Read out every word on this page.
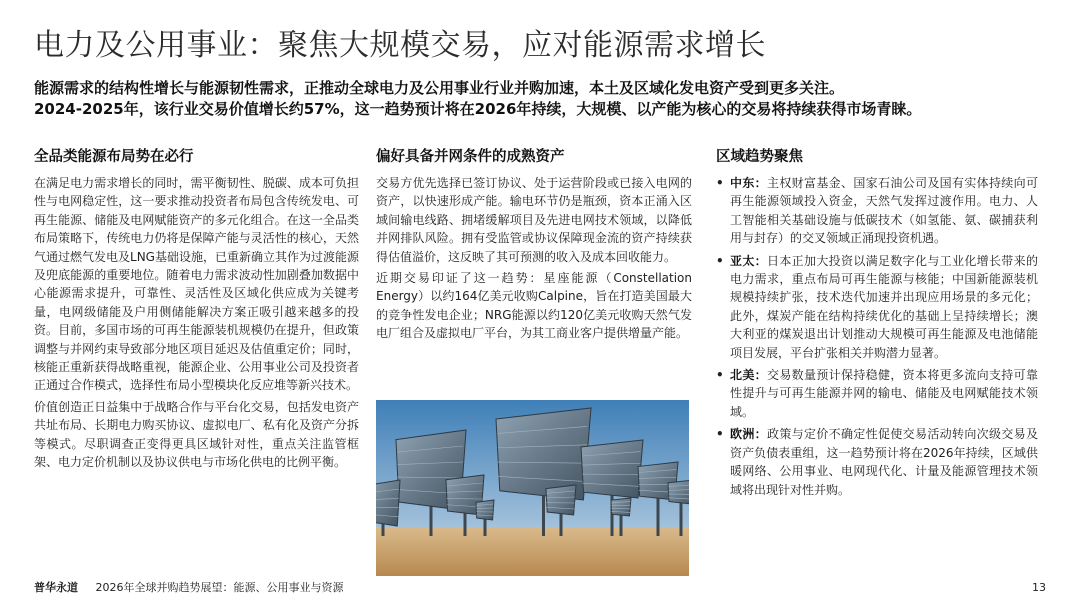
电力及公用事业：聚焦大规模交易，应对能源需求增长
能源需求的结构性增长与能源韧性需求，正推动全球电力及公用事业行业并购加速，本土及区域化发电资产受到更多关注。
2024-2025年，该行业交易价值增长约57%，这一趋势预计将在2026年持续，大规模、以产能为核心的交易将持续获得市场青睐。
全品类能源布局势在必行

在满足电力需求增长的同时，需平衡韧性、脱碳、成本可负担性与电网稳定性，这一要求推动投资者布局包含传统发电、可再生能源、储能及电网赋能资产的多元化组合。在这一全品类布局策略下，传统电力仍将是保障产能与灵活性的核心，天然气通过燃气发电及LNG基础设施，已重新确立其作为过渡能源及兜底能源的重要地位。随着电力需求波动性加剧叠加数据中心能源需求提升，可靠性、灵活性及区域化供应成为关键考量，电网级储能及户用侧储能解决方案正吸引越来越多的投资。目前，多国市场的可再生能源装机规模仍在提升，但政策调整与并网约束导致部分地区项目延迟及估值重定价；同时，核能正重新获得战略重视，能源企业、公用事业公司及投资者正通过合作模式，选择性布局小型模块化反应堆等新兴技术。

价值创造正日益集中于战略合作与平台化交易，包括发电资产共址布局、长期电力购买协议、虚拟电厂、私有化及资产分拆等模式。尽职调查正变得更具区域针对性，重点关注监管框架、电力定价机制以及协议供电与市场化供电的比例平衡。

偏好具备并网条件的成熟资产

交易方优先选择已签订协议、处于运营阶段或已接入电网的资产，以快速形成产能。输电环节仍是瓶颈，资本正涌入区域间输电线路、拥堵缓解项目及先进电网技术领域，以降低并网排队风险。拥有受监管或协议保障现金流的资产持续获得估值溢价，这反映了其可预测的收入及成本回收能力。

近期交易印证了这一趋势：星座能源（Constellation Energy）以约164亿美元收购Calpine，旨在打造美国最大的竞争性发电企业；NRG能源以约120亿美元收购天然气发电厂组合及虚拟电厂平台，为其工商业客户提供增量产能。

区域趋势聚焦
• 中东：主权财富基金、国家石油公司及国有实体持续向可再生能源领域投入资金，天然气发挥过渡作用。电力、人工智能相关基础设施与低碳技术（如氢能、氨、碳捕获利用与封存）的交叉领域正涌现投资机遇。
• 亚太：日本正加大投资以满足数字化与工业化增长带来的电力需求，重点布局可再生能源与核能；中国新能源装机规模持续扩张，技术迭代加速并出现应用场景的多元化；此外，煤炭产能在结构持续优化的基础上呈持续增长；澳大利亚的煤炭退出计划推动大规模可再生能源及电池储能项目发展，平台扩张相关并购潜力显著。
• 北美：交易数量预计保持稳健，资本将更多流向支持可靠性提升与可再生能源并网的输电、储能及电网赋能技术领域。
• 欧洲：政策与定价不确定性促使交易活动转向次级交易及资产负债表重组，这一趋势预计将在2026年持续，区域供暖网络、公用事业、电网现代化、计量及能源管理技术领域将出现针对性并购。
普华永道 2026年全球并购趋势展望：能源、公用事业与资源	13
